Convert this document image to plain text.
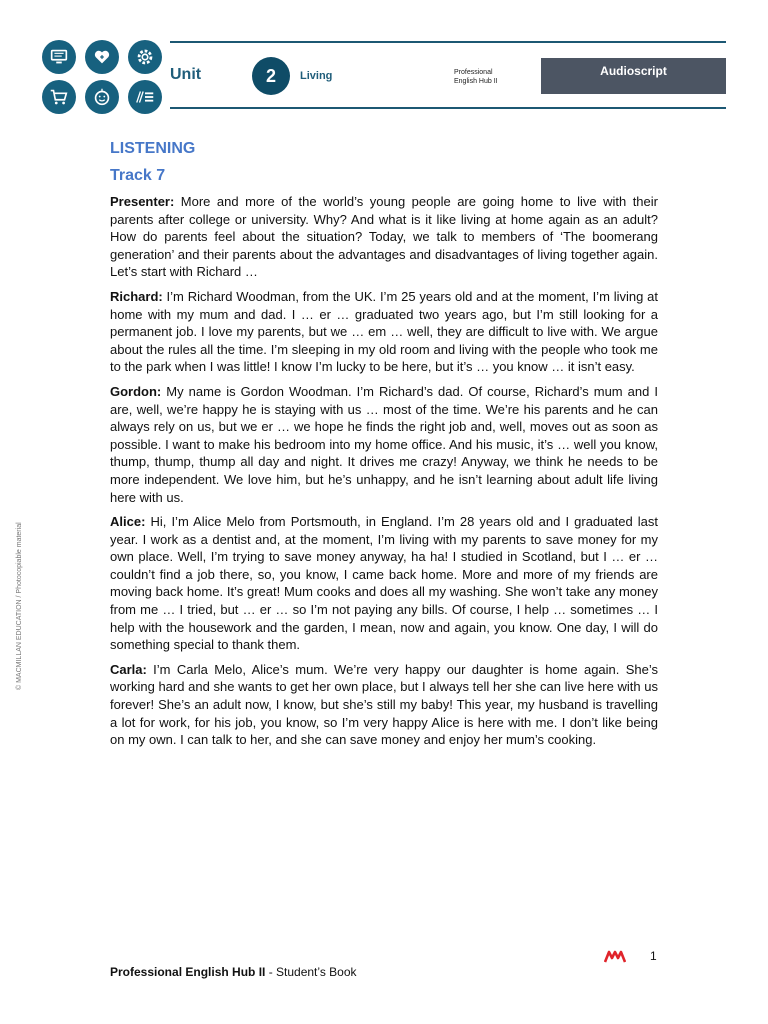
Unit	2	Living	Professional
English Hub II
Audioscript
LISTENING
Track 7

Presenter: More and more of the world’s young people are going home to live with their parents after college or university. Why? And what is it like living at home again as an adult? How do parents feel about the situation? Today, we talk to members of ‘The boomerang generation’ and their parents about the advantages and disadvantages of living together again. Let’s start with Richard …

Richard: I’m Richard Woodman, from the UK. I’m 25 years old and at the moment, I’m living at home with my mum and dad. I … er … graduated two years ago, but I’m still looking for a permanent job. I love my parents, but we … em … well, they are difficult to live with. We argue about the rules all the time. I’m sleeping in my old room and living with the people who took me to the park when I was little! I know I’m lucky to be here, but it’s … you know … it isn’t easy.

Gordon: My name is Gordon Woodman. I’m Richard’s dad. Of course, Richard’s mum and I are, well, we’re happy he is staying with us … most of the time. We’re his parents and he can always rely on us, but we er … we hope he finds the right job and, well, moves out as soon as possible. I want to make his bedroom into my home office. And his music, it’s … well you know, thump, thump, thump all day and night. It drives me crazy! Anyway, we think he needs to be more independent. We love him, but he’s unhappy, and he isn’t learning about adult life living here with us.

Alice: Hi, I’m Alice Melo from Portsmouth, in England. I’m 28 years old and I graduated last year. I work as a dentist and, at the moment, I’m living with my parents to save money for my own place. Well, I’m trying to save money anyway, ha ha! I studied in Scotland, but I … er … couldn’t find a job there, so, you know, I came back home. More and more of my friends are moving back home. It’s great! Mum cooks and does all my washing. She won’t take any money from me … I tried, but … er … so I’m not paying any bills. Of course, I help … sometimes … I help with the housework and the garden, I mean, now and again, you know. One day, I will do something special to thank them.

Carla: I’m Carla Melo, Alice’s mum. We’re very happy our daughter is home again. She’s working hard and she wants to get her own place, but I always tell her she can live here with us forever! She’s an adult now, I know, but she’s still my baby! This year, my husband is travelling a lot for work, for his job, you know, so I’m very happy Alice is here with me. I don’t like being on my own. I can talk to her, and she can save money and enjoy her mum’s cooking.

© MACMILLAN EDUCATION / Photocopiable material
Professional English Hub II - Student’s Book
1
